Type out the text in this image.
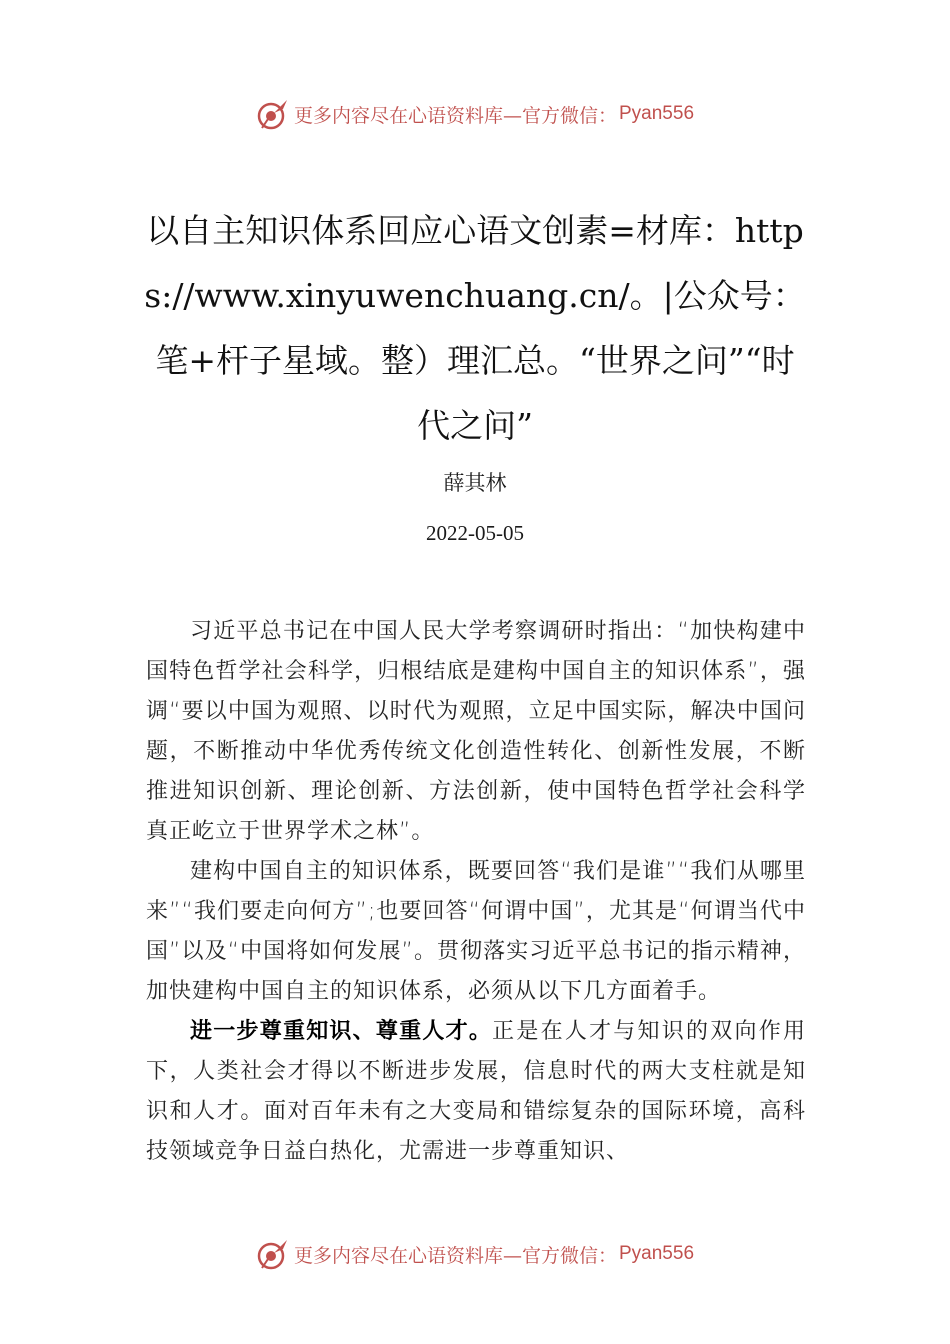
更多内容尽在心语资料库—官方微信： Pyan556
以自主知识体系回应心语文创素=材库：https://www.xinyuwenchuang.cn/。|公众号：笔+杆子星域。整）理汇总。“世界之问”“时代之问”
薛其林
2022-05-05

习近平总书记在中国人民大学考察调研时指出：“加快构建中国特色哲学社会科学，归根结底是建构中国自主的知识体系”，强调“要以中国为观照、以时代为观照，立足中国实际，解决中国问题，不断推动中华优秀传统文化创造性转化、创新性发展，不断推进知识创新、理论创新、方法创新，使中国特色哲学社会科学真正屹立于世界学术之林”。

建构中国自主的知识体系，既要回答“我们是谁”“我们从哪里来”“我们要走向何方”;也要回答“何谓中国”，尤其是“何谓当代中国”以及“中国将如何发展”。贯彻落实习近平总书记的指示精神，加快建构中国自主的知识体系，必须从以下几方面着手。

进一步尊重知识、尊重人才。正是在人才与知识的双向作用下，人类社会才得以不断进步发展，信息时代的两大支柱就是知识和人才。面对百年未有之大变局和错综复杂的国际环境，高科技领域竞争日益白热化，尤需进一步尊重知识、

更多内容尽在心语资料库—官方微信： Pyan556
